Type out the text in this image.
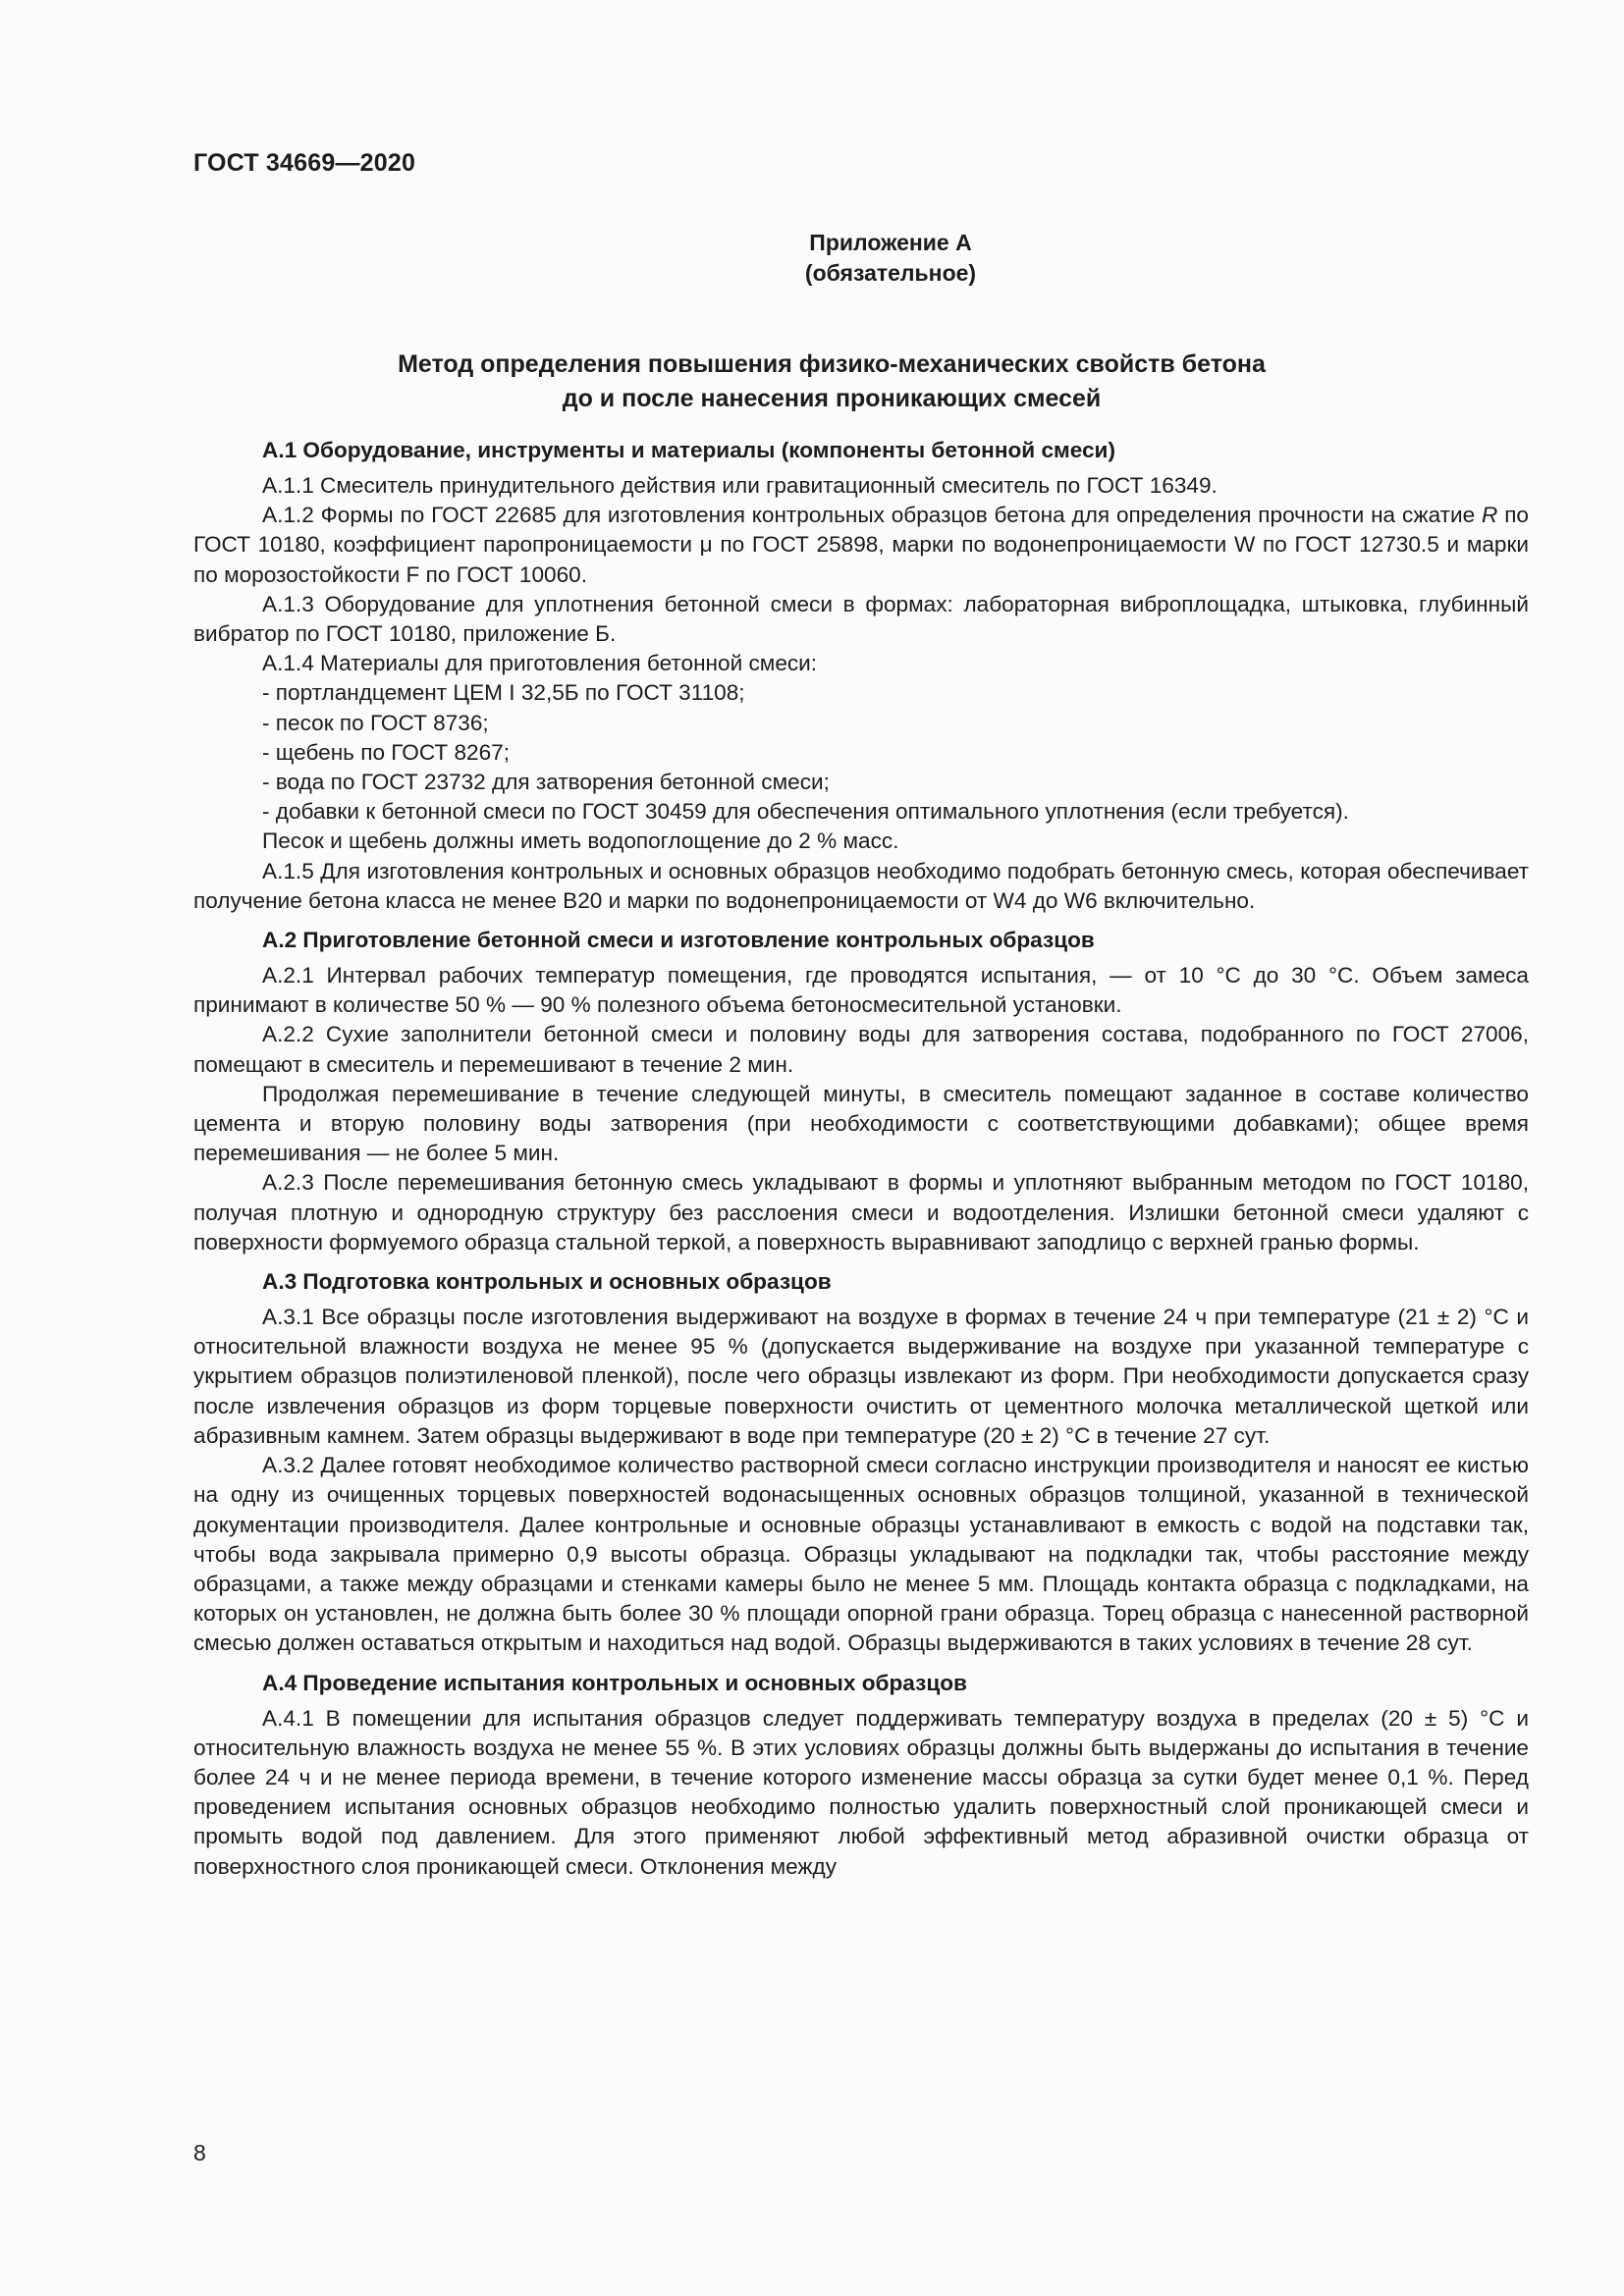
ГОСТ 34669—2020
Приложение А
(обязательное)
Метод определения повышения физико-механических свойств бетона
до и после нанесения проникающих смесей
А.1 Оборудование, инструменты и материалы (компоненты бетонной смеси)

А.1.1 Смеситель принудительного действия или гравитационный смеситель по ГОСТ 16349.

А.1.2 Формы по ГОСТ 22685 для изготовления контрольных образцов бетона для определения прочности на сжатие R по ГОСТ 10180, коэффициент паропроницаемости μ по ГОСТ 25898, марки по водонепроницаемости W по ГОСТ 12730.5 и марки по морозостойкости F по ГОСТ 10060.

А.1.3 Оборудование для уплотнения бетонной смеси в формах: лабораторная виброплощадка, штыковка, глубинный вибратор по ГОСТ 10180, приложение Б.

А.1.4 Материалы для приготовления бетонной смеси:

- портландцемент ЦЕМ I 32,5Б по ГОСТ 31108;

- песок по ГОСТ 8736;

- щебень по ГОСТ 8267;

- вода по ГОСТ 23732 для затворения бетонной смеси;

- добавки к бетонной смеси по ГОСТ 30459 для обеспечения оптимального уплотнения (если требуется).

Песок и щебень должны иметь водопоглощение до 2 % масс.

А.1.5 Для изготовления контрольных и основных образцов необходимо подобрать бетонную смесь, которая обеспечивает получение бетона класса не менее В20 и марки по водонепроницаемости от W4 до W6 включительно.

А.2 Приготовление бетонной смеси и изготовление контрольных образцов

А.2.1 Интервал рабочих температур помещения, где проводятся испытания, — от 10 °С до 30 °С. Объем замеса принимают в количестве 50 % — 90 % полезного объема бетоносмесительной установки.

А.2.2 Сухие заполнители бетонной смеси и половину воды для затворения состава, подобранного по ГОСТ 27006, помещают в смеситель и перемешивают в течение 2 мин.

Продолжая перемешивание в течение следующей минуты, в смеситель помещают заданное в составе количество цемента и вторую половину воды затворения (при необходимости с соответствующими добавками); общее время перемешивания — не более 5 мин.

А.2.3 После перемешивания бетонную смесь укладывают в формы и уплотняют выбранным методом по ГОСТ 10180, получая плотную и однородную структуру без расслоения смеси и водоотделения. Излишки бетонной смеси удаляют с поверхности формуемого образца стальной теркой, а поверхность выравнивают заподлицо с верхней гранью формы.

А.3 Подготовка контрольных и основных образцов

А.3.1 Все образцы после изготовления выдерживают на воздухе в формах в течение 24 ч при температуре (21 ± 2) °С и относительной влажности воздуха не менее 95 % (допускается выдерживание на воздухе при указанной температуре с укрытием образцов полиэтиленовой пленкой), после чего образцы извлекают из форм. При необходимости допускается сразу после извлечения образцов из форм торцевые поверхности очистить от цементного молочка металлической щеткой или абразивным камнем. Затем образцы выдерживают в воде при температуре (20 ± 2) °С в течение 27 сут.

А.3.2 Далее готовят необходимое количество растворной смеси согласно инструкции производителя и наносят ее кистью на одну из очищенных торцевых поверхностей водонасыщенных основных образцов толщиной, указанной в технической документации производителя. Далее контрольные и основные образцы устанавливают в емкость с водой на подставки так, чтобы вода закрывала примерно 0,9 высоты образца. Образцы укладывают на подкладки так, чтобы расстояние между образцами, а также между образцами и стенками камеры было не менее 5 мм. Площадь контакта образца с подкладками, на которых он установлен, не должна быть более 30 % площади опорной грани образца. Торец образца с нанесенной растворной смесью должен оставаться открытым и находиться над водой. Образцы выдерживаются в таких условиях в течение 28 сут.

А.4 Проведение испытания контрольных и основных образцов

А.4.1 В помещении для испытания образцов следует поддерживать температуру воздуха в пределах (20 ± 5) °С и относительную влажность воздуха не менее 55 %. В этих условиях образцы должны быть выдержаны до испытания в течение более 24 ч и не менее периода времени, в течение которого изменение массы образца за сутки будет менее 0,1 %. Перед проведением испытания основных образцов необходимо полностью удалить поверхностный слой проникающей смеси и промыть водой под давлением. Для этого применяют любой эффективный метод абразивной очистки образца от поверхностного слоя проникающей смеси. Отклонения между

8
